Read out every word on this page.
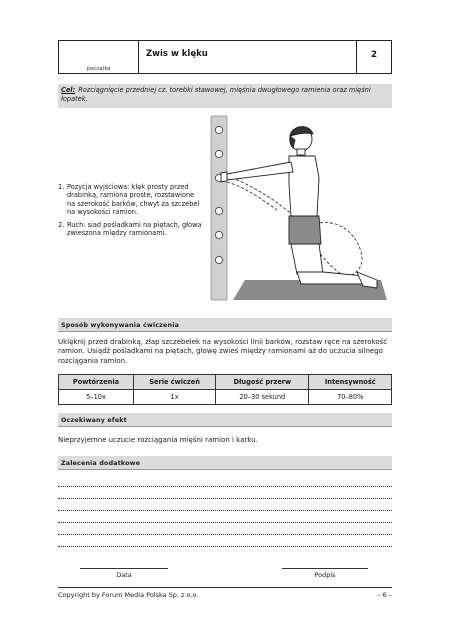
pieczątka
Zwis w klęku	2
Cel: Rozciągnięcie przedniej cz. torebki stawowej, mięśnia dwugłowego ramienia oraz mięśni łopatek.
1. Pozycja wyjściowa: klęk prosty przed drabinką, ramiona proste, rozstawione na szerokość barków, chwyt za szczebel na wysokości ramion.
2. Ruch: siad pośladkami na piętach, głowa zwieszona między ramionami.
Sposób wykonywania ćwiczenia
Uklęknij przed drabinką, złap szczebelek na wysokości linii barków, rozstaw ręce na szerokość ramion. Usiądź pośladkami na piętach, głowę zwieś między ramionami aż do uczucia silnego rozciągania ramion.
Powtórzenia	Serie ćwiczeń	Długość przerw	Intensywność
5–10x	1x	20–30 sekund	70–80%
Oczekiwany efekt
Nieprzyjemne uczucie rozciągania mięśni ramion i karku.
Zalecenia dodatkowe
Data	Podpis
Copyright by Forum Media Polska Sp. z o.o.	– 6 –
